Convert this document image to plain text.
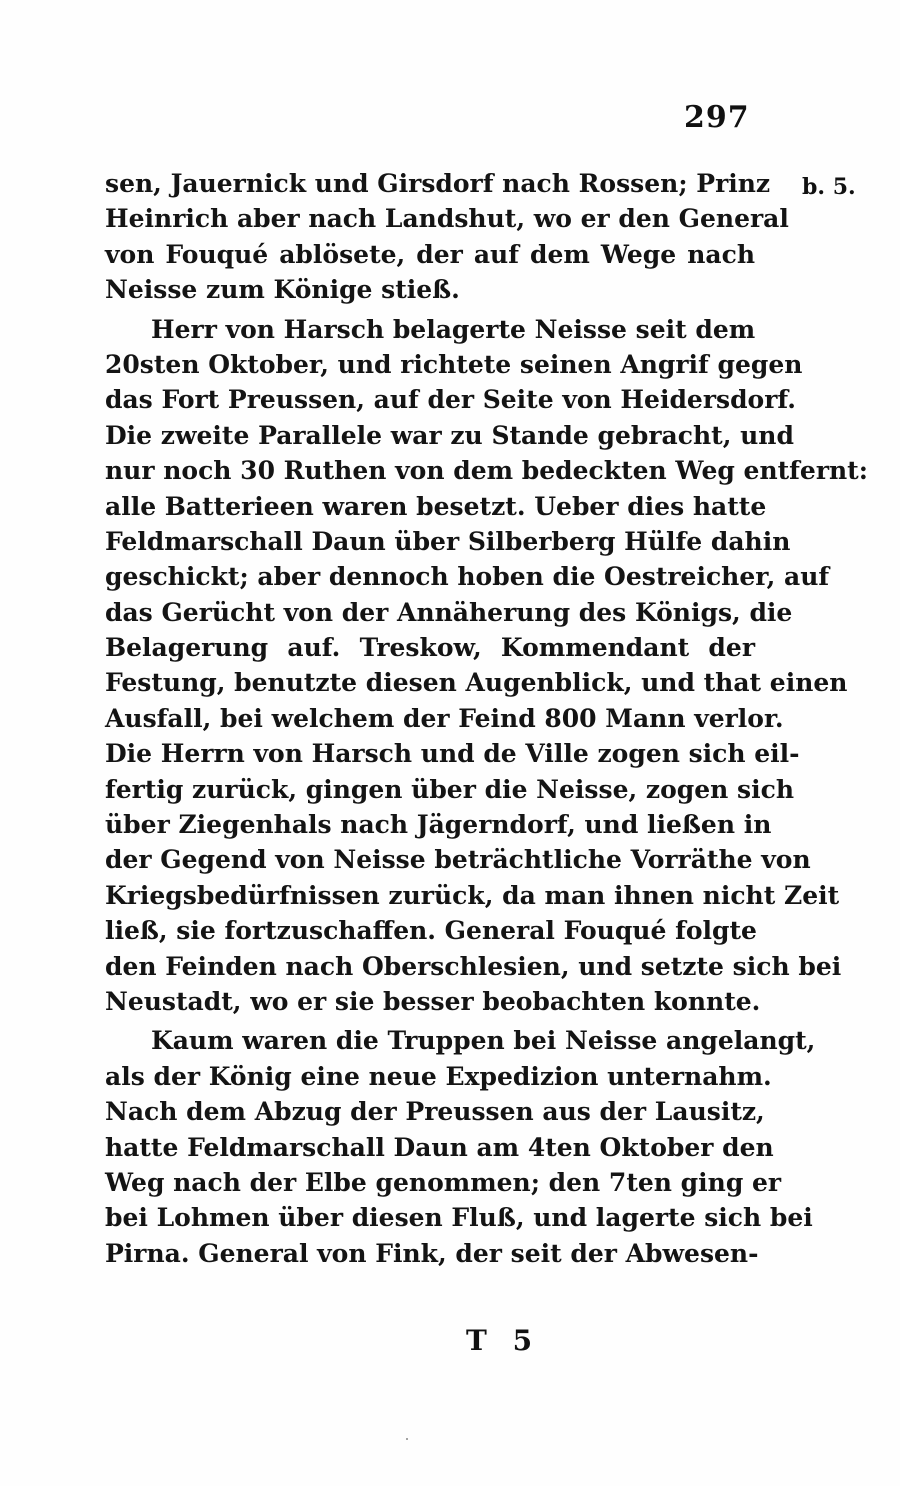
297
b. 5.
sen, Jauernick und Girsdorf nach Rossen; Prinz
Heinrich aber nach Landshut, wo er den General
von Fouqué ablösete, der auf dem Wege nach
Neisse zum Könige stieß.
Herr von Harsch belagerte Neisse seit dem
20sten Oktober, und richtete seinen Angrif gegen
das Fort Preussen, auf der Seite von Heidersdorf.
Die zweite Parallele war zu Stande gebracht, und
nur noch 30 Ruthen von dem bedeckten Weg entfernt:
alle Batterieen waren besetzt. Ueber dies hatte
Feldmarschall Daun über Silberberg Hülfe dahin
geschickt; aber dennoch hoben die Oestreicher, auf
das Gerücht von der Annäherung des Königs, die
Belagerung auf. Treskow, Kommendant der
Festung, benutzte diesen Augenblick, und that einen
Ausfall, bei welchem der Feind 800 Mann verlor.
Die Herrn von Harsch und de Ville zogen sich eil-
fertig zurück, gingen über die Neisse, zogen sich
über Ziegenhals nach Jägerndorf, und ließen in
der Gegend von Neisse beträchtliche Vorräthe von
Kriegsbedürfnissen zurück, da man ihnen nicht Zeit
ließ, sie fortzuschaffen. General Fouqué folgte
den Feinden nach Oberschlesien, und setzte sich bei
Neustadt, wo er sie besser beobachten konnte.
Kaum waren die Truppen bei Neisse angelangt,
als der König eine neue Expedizion unternahm.
Nach dem Abzug der Preussen aus der Lausitz,
hatte Feldmarschall Daun am 4ten Oktober den
Weg nach der Elbe genommen; den 7ten ging er
bei Lohmen über diesen Fluß, und lagerte sich bei
Pirna. General von Fink, der seit der Abwesen-
T 5
